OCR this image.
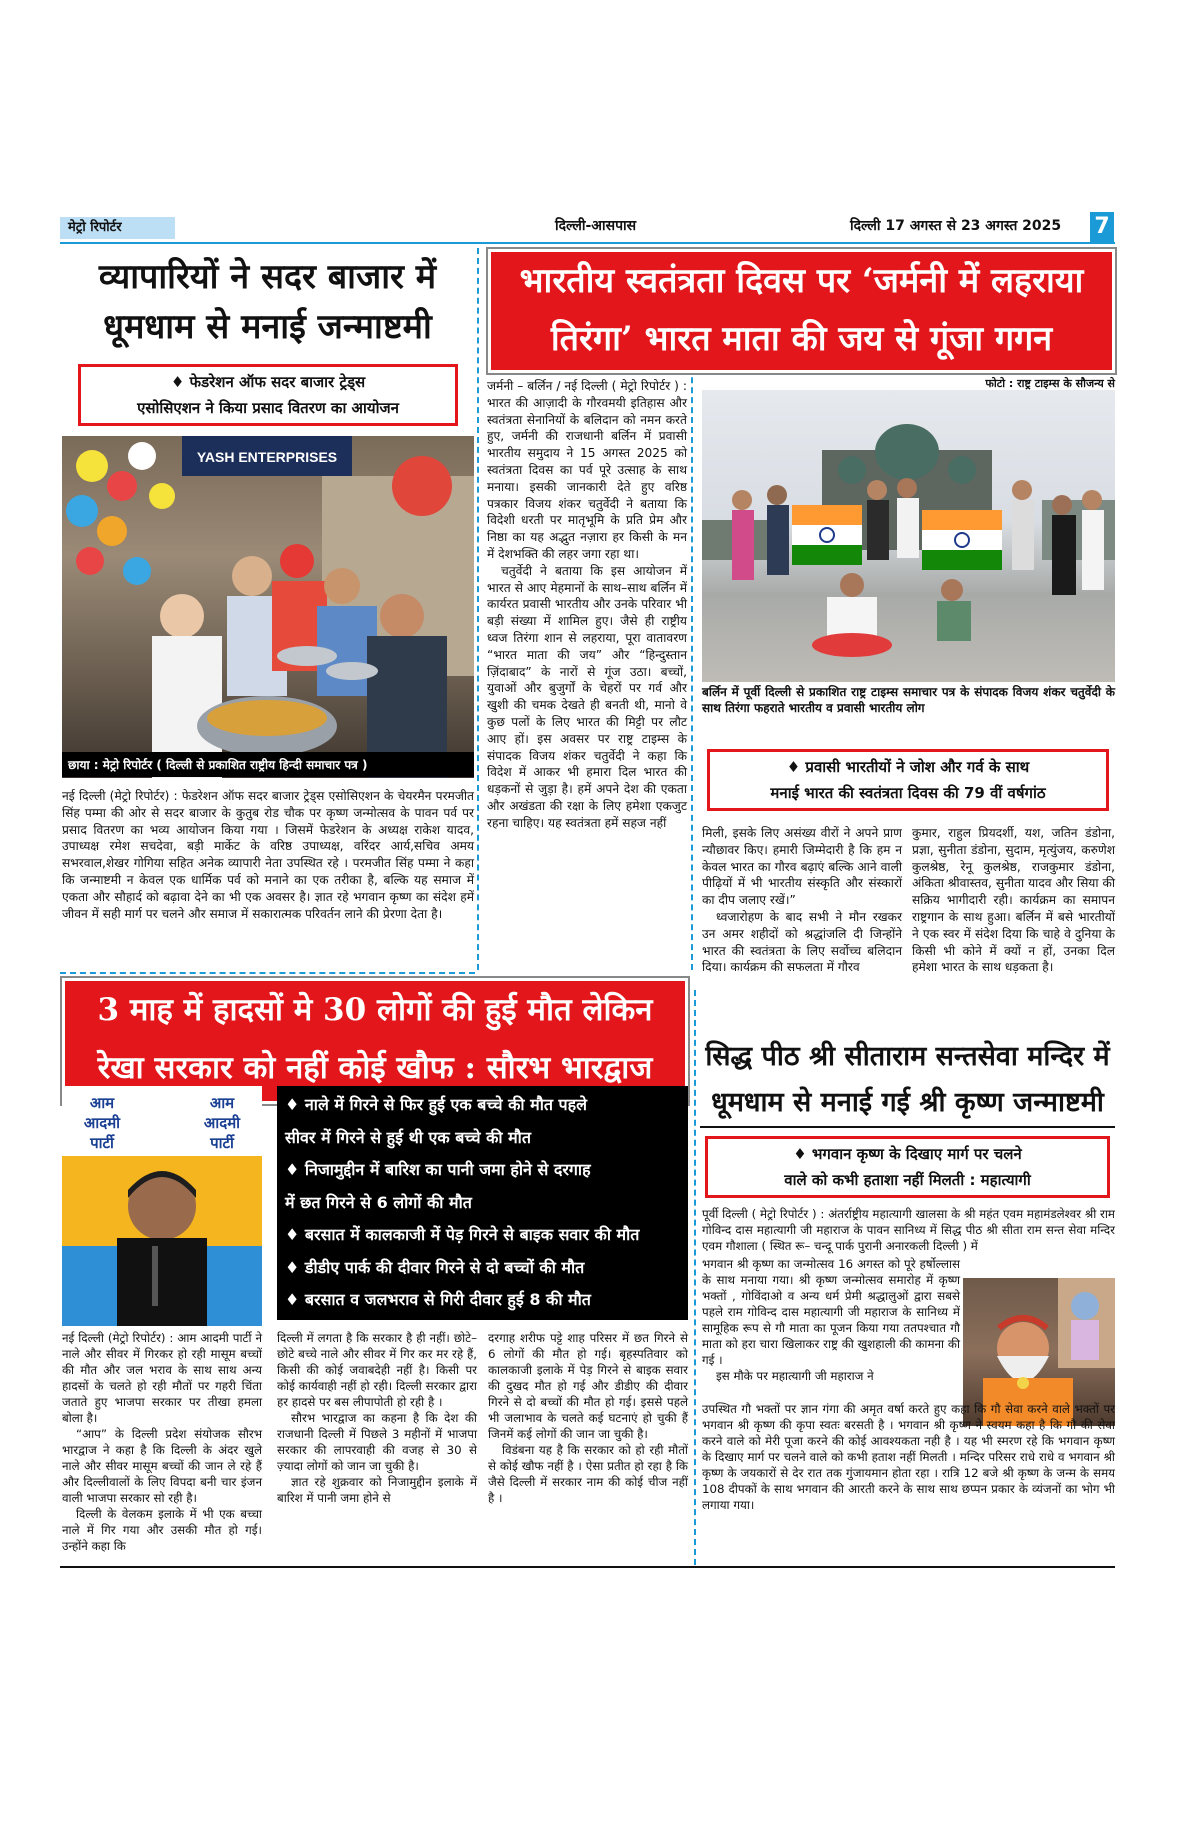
मेट्रो रिपोर्टर	दिल्ली-आसपास	दिल्ली 17 अगस्त से 23 अगस्त 2025 7
व्यापारियों ने सदर बाजार में
धूमधाम से मनाई जन्माष्टमी
♦ फेडरेशन ऑफ सदर बाजार ट्रेड्स
एसोसिएशन ने किया प्रसाद वितरण का आयोजन
YASH ENTERPRISES
छाया : मेट्रो रिपोर्टर ( दिल्ली से प्रकाशित राष्ट्रीय हिन्दी समाचार पत्र )

नई दिल्ली (मेट्रो रिपोर्टर) : फेडरेशन ऑफ सदर बाजार ट्रेड्स एसोसिएशन के चेयरमैन परमजीत सिंह पम्मा की ओर से सदर बाजार के कुतुब रोड चौक पर कृष्ण जन्मोत्सव के पावन पर्व पर प्रसाद वितरण का भव्य आयोजन किया गया । जिसमें फेडरेशन के अध्यक्ष राकेश यादव, उपाध्यक्ष रमेश सचदेवा, बड़ी मार्केट के वरिष्ठ उपाध्यक्ष, वरिंदर आर्य,सचिव अमय सभरवाल,शेखर गोगिया सहित अनेक व्यापारी नेता उपस्थित रहे । परमजीत सिंह पम्मा ने कहा कि जन्माष्टमी न केवल एक धार्मिक पर्व को मनाने का एक तरीका है, बल्कि यह समाज में एकता और सौहार्द को बढ़ावा देने का भी एक अवसर है। ज्ञात रहे भगवान कृष्ण का संदेश हमें जीवन में सही मार्ग पर चलने और समाज में सकारात्मक परिवर्तन लाने की प्रेरणा देता है।

भारतीय स्वतंत्रता दिवस पर ‘जर्मनी में लहराया
तिरंगा’ भारत माता की जय से गूंजा गगन

जर्मनी – बर्लिन / नई दिल्ली ( मेट्रो रिपोर्टर ) : भारत की आज़ादी के गौरवमयी इतिहास और स्वतंत्रता सेनानियों के बलिदान को नमन करते हुए, जर्मनी की राजधानी बर्लिन में प्रवासी भारतीय समुदाय ने 15 अगस्त 2025 को स्वतंत्रता दिवस का पर्व पूरे उत्साह के साथ मनाया। इसकी जानकारी देते हुए वरिष्ठ पत्रकार विजय शंकर चतुर्वेदी ने बताया कि विदेशी धरती पर मातृभूमि के प्रति प्रेम और निष्ठा का यह अद्भुत नज़ारा हर किसी के मन में देशभक्ति की लहर जगा रहा था।

चतुर्वेदी ने बताया कि इस आयोजन में भारत से आए मेहमानों के साथ–साथ बर्लिन में कार्यरत प्रवासी भारतीय और उनके परिवार भी बड़ी संख्या में शामिल हुए। जैसे ही राष्ट्रीय ध्वज तिरंगा शान से लहराया, पूरा वातावरण “भारत माता की जय” और “हिन्दुस्तान ज़िंदाबाद” के नारों से गूंज उठा। बच्चों, युवाओं और बुजुर्गों के चेहरों पर गर्व और खुशी की चमक देखते ही बनती थी, मानो वे कुछ पलों के लिए भारत की मिट्टी पर लौट आए हों। इस अवसर पर राष्ट्र टाइम्स के संपादक विजय शंकर चतुर्वेदी ने कहा कि विदेश में आकर भी हमारा दिल भारत की धड़कनों से जुड़ा है। हमें अपने देश की एकता और अखंडता की रक्षा के लिए हमेशा एकजुट रहना चाहिए। यह स्वतंत्रता हमें सहज नहीं

फोटो : राष्ट्र टाइम्स के सौजन्य से
बर्लिन में पूर्वी दिल्ली से प्रकाशित राष्ट्र टाइम्स समाचार पत्र के संपादक विजय शंकर चतुर्वेदी के साथ तिरंगा फहराते भारतीय व प्रवासी भारतीय लोग
♦ प्रवासी भारतीयों ने जोश और गर्व के साथ
मनाई भारत की स्वतंत्रता दिवस की 79 वीं वर्षगांठ

मिली, इसके लिए असंख्य वीरों ने अपने प्राण न्यौछावर किए। हमारी जिम्मेदारी है कि हम न केवल भारत का गौरव बढ़ाएं बल्कि आने वाली पीढ़ियों में भी भारतीय संस्कृति और संस्कारों का दीप जलाए रखें।”

ध्वजारोहण के बाद सभी ने मौन रखकर उन अमर शहीदों को श्रद्धांजलि दी जिन्होंने भारत की स्वतंत्रता के लिए सर्वोच्च बलिदान दिया। कार्यक्रम की सफलता में गौरव

कुमार, राहुल प्रियदर्शी, यश, जतिन डंडोना, प्रज्ञा, सुनीता डंडोना, सुदाम, मृत्युंजय, करुणेश कुलश्रेष्ठ, रेनू कुलश्रेष्ठ, राजकुमार डंडोना, अंकिता श्रीवास्तव, सुनीता यादव और सिया की सक्रिय भागीदारी रही। कार्यक्रम का समापन राष्ट्रगान के साथ हुआ। बर्लिन में बसे भारतीयों ने एक स्वर में संदेश दिया कि चाहे वे दुनिया के किसी भी कोने में क्यों न हों, उनका दिल हमेशा भारत के साथ धड़कता है।

3 माह में हादसों मे 30 लोगों की हुई मौत लेकिन
रेखा सरकार को नहीं कोई खौफ : सौरभ भारद्वाज
आम
आदमी
पार्टी
आम
आदमी
पार्टी
♦ नाले में गिरने से फिर हुई एक बच्चे की मौत पहले
सीवर में गिरने से हुई थी एक बच्चे की मौत
♦ निजामुद्दीन में बारिश का पानी जमा होने से दरगाह
में छत गिरने से 6 लोगों की मौत
♦ बरसात में कालकाजी में पेड़ गिरने से बाइक सवार की मौत
♦ डीडीए पार्क की दीवार गिरने से दो बच्चों की मौत
♦ बरसात व जलभराव से गिरी दीवार हुई 8 की मौत

नई दिल्ली (मेट्रो रिपोर्टर) : आम आदमी पार्टी ने नाले और सीवर में गिरकर हो रही मासूम बच्चों की मौत और जल भराव के साथ साथ अन्य हादसों के चलते हो रही मौतों पर गहरी चिंता जताते हुए भाजपा सरकार पर तीखा हमला बोला है।

“आप” के दिल्ली प्रदेश संयोजक सौरभ भारद्वाज ने कहा है कि दिल्ली के अंदर खुले नाले और सीवर मासूम बच्चों की जान ले रहे हैं और दिल्लीवालों के लिए विपदा बनी चार इंजन वाली भाजपा सरकार सो रही है।

दिल्ली के वेलकम इलाके में भी एक बच्चा नाले में गिर गया और उसकी मौत हो गई। उन्होंने कहा कि

दिल्ली में लगता है कि सरकार है ही नहीं। छोटे–छोटे बच्चे नाले और सीवर में गिर कर मर रहे हैं, किसी की कोई जवाबदेही नहीं है। किसी पर कोई कार्यवाही नहीं हो रही। दिल्ली सरकार द्वारा हर हादसे पर बस लीपापोती हो रही है ।

सौरभ भारद्वाज का कहना है कि देश की राजधानी दिल्ली में पिछले 3 महीनों में भाजपा सरकार की लापरवाही की वजह से 30 से ज़्यादा लोगों को जान जा चुकी है।

ज्ञात रहे शुक्रवार को निजामुद्दीन इलाके में बारिश में पानी जमा होने से

दरगाह शरीफ पट्टे शाह परिसर में छत गिरने से 6 लोगों की मौत हो गई। बृहस्पतिवार को कालकाजी इलाके में पेड़ गिरने से बाइक सवार की दुखद मौत हो गई और डीडीए की दीवार गिरने से दो बच्चों की मौत हो गई। इससे पहले भी जलाभाव के चलते कई घटनाएं हो चुकी हैं जिनमें कई लोगों की जान जा चुकी है।

विडंबना यह है कि सरकार को हो रही मौतों से कोई खौफ नहीं है । ऐसा प्रतीत हो रहा है कि जैसे दिल्ली में सरकार नाम की कोई चीज नहीं है ।

सिद्ध पीठ श्री सीताराम सन्तसेवा मन्दिर में
धूमधाम से मनाई गई श्री कृष्ण जन्माष्टमी
♦ भगवान कृष्ण के दिखाए मार्ग पर चलने
वाले को कभी हताशा नहीं मिलती : महात्यागी
पूर्वी दिल्ली ( मेट्रो रिपोर्टर ) : अंतर्राष्ट्रीय महात्यागी खालसा के श्री महंत एवम महामंडलेश्वर श्री राम गोविन्द दास महात्यागी जी महाराज के पावन सानिध्य में सिद्ध पीठ श्री सीता राम सन्त सेवा मन्दिर एवम गौशाला ( स्थित रू– चन्दू पार्क पुरानी अनारकली दिल्ली ) में

भगवान श्री कृष्ण का जन्मोत्सव 16 अगस्त को पूरे हर्षोल्लास के साथ मनाया गया। श्री कृष्ण जन्मोत्सव समारोह में कृष्ण भक्तों , गोविंदाओ व अन्य धर्म प्रेमी श्रद्धालुओं द्वारा सबसे पहले राम गोविन्द दास महात्यागी जी महाराज के सानिध्य में सामूहिक रूप से गौ माता का पूजन किया गया ततपश्चात गौ माता को हरा चारा खिलाकर राष्ट्र की खुशहाली की कामना की गई ।

इस मौके पर महात्यागी जी महाराज ने

उपस्थित गौ भक्तों पर ज्ञान गंगा की अमृत वर्षा करते हुए कहा कि गौ सेवा करने वाले भक्तों पर भगवान श्री कृष्ण की कृपा स्वतः बरसती है । भगवान श्री कृष्ण ने स्वयम कहा है कि गौ की सेवा करने वाले को मेरी पूजा करने की कोई आवश्यकता नही है । यह भी स्मरण रहे कि भगवान कृष्ण के दिखाए मार्ग पर चलने वाले को कभी हताश नहीं मिलती । मन्दिर परिसर राधे राधे व भगवान श्री कृष्ण के जयकारों से देर रात तक गुंजायमान होता रहा । रात्रि 12 बजे श्री कृष्ण के जन्म के समय 108 दीपकों के साथ भगवान की आरती करने के साथ साथ छप्पन प्रकार के व्यंजनों का भोग भी लगाया गया।
